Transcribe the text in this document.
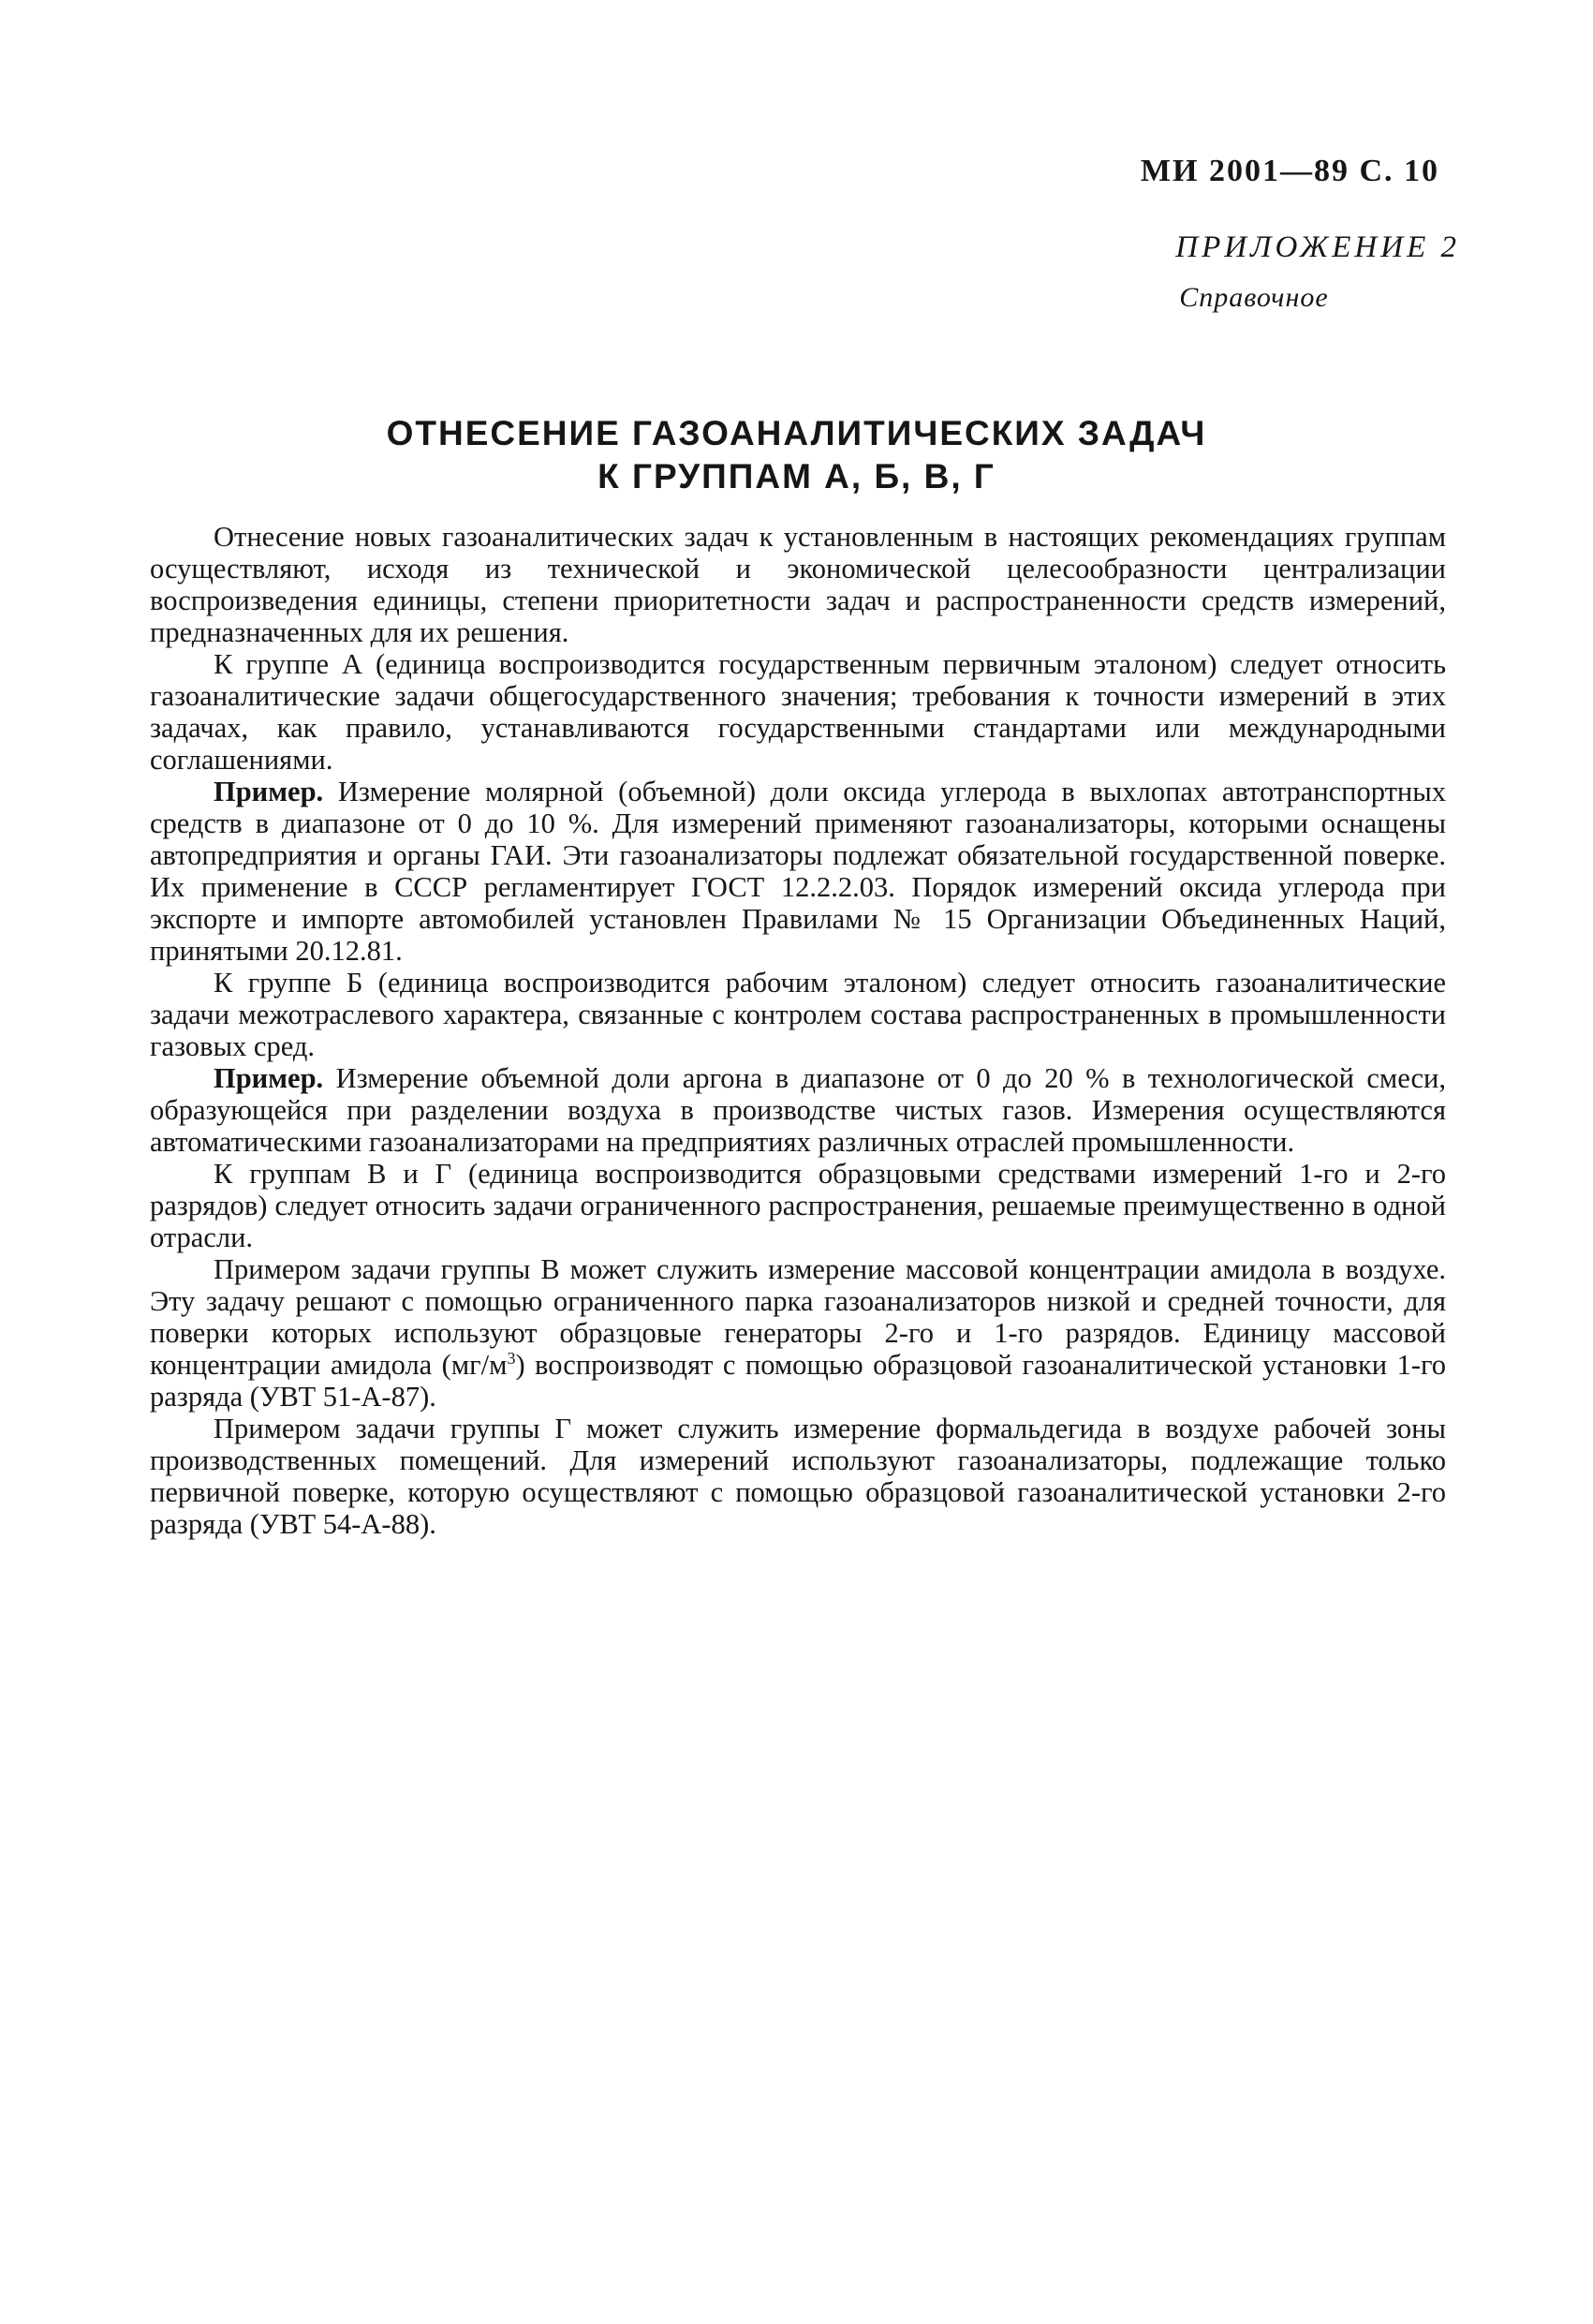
МИ 2001—89 С. 10
ПРИЛОЖЕНИЕ 2
Справочное
ОТНЕСЕНИЕ ГАЗОАНАЛИТИЧЕСКИХ ЗАДАЧ
К ГРУППАМ А, Б, В, Г

Отнесение новых газоаналитических задач к установленным в настоящих рекомендациях группам осуществляют, исходя из технической и экономической целесообразности централизации воспроизведения единицы, степени приоритетности задач и распространенности средств измерений, предназначенных для их решения.

К группе А (единица воспроизводится государственным первичным эталоном) следует относить газоаналитические задачи общегосударственного значения; требования к точности измерений в этих задачах, как правило, устанавливаются государственными стандартами или международными соглашениями.

Пример. Измерение молярной (объемной) доли оксида углерода в выхлопах автотранспортных средств в диапазоне от 0 до 10 %. Для измерений применяют газоанализаторы, которыми оснащены автопредприятия и органы ГАИ. Эти газоанализаторы подлежат обязательной государственной поверке. Их применение в СССР регламентирует ГОСТ 12.2.2.03. Порядок измерений оксида углерода при экспорте и импорте автомобилей установлен Правилами № 15 Организации Объединенных Наций, принятыми 20.12.81.

К группе Б (единица воспроизводится рабочим эталоном) следует относить газоаналитические задачи межотраслевого характера, связанные с контролем состава распространенных в промышленности газовых сред.

Пример. Измерение объемной доли аргона в диапазоне от 0 до 20 % в технологической смеси, образующейся при разделении воздуха в производстве чистых газов. Измерения осуществляются автоматическими газоанализаторами на предприятиях различных отраслей промышленности.

К группам В и Г (единица воспроизводится образцовыми средствами измерений 1-го и 2-го разрядов) следует относить задачи ограниченного распространения, решаемые преимущественно в одной отрасли.

Примером задачи группы В может служить измерение массовой концентрации амидола в воздухе. Эту задачу решают с помощью ограниченного парка газоанализаторов низкой и средней точности, для поверки которых используют образцовые генераторы 2-го и 1-го разрядов. Единицу массовой концентрации амидола $(мг/м^3)$ воспроизводят с помощью образцовой газоаналитической установки 1-го разряда (УВТ 51-А-87).

Примером задачи группы Г может служить измерение формальдегида в воздухе рабочей зоны производственных помещений. Для измерений используют газоанализаторы, подлежащие только первичной поверке, которую осуществляют с помощью образцовой газоаналитической установки 2-го разряда (УВТ 54-А-88).
